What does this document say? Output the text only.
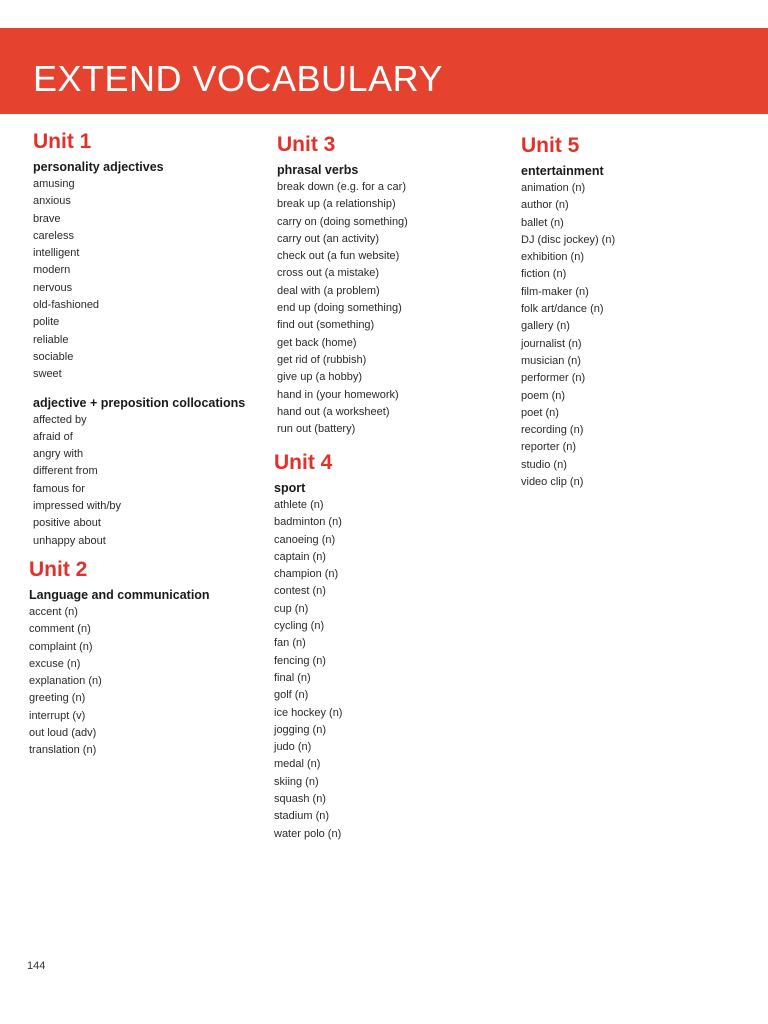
EXTEND VOCABULARY
Unit 1
personality adjectives
amusing
anxious
brave
careless
intelligent
modern
nervous
old-fashioned
polite
reliable
sociable
sweet
adjective + preposition collocations
affected by
afraid of
angry with
different from
famous for
impressed with/by
positive about
unhappy about
Unit 2
Language and communication
accent (n)
comment (n)
complaint (n)
excuse (n)
explanation (n)
greeting (n)
interrupt (v)
out loud (adv)
translation (n)
Unit 3
phrasal verbs
break down (e.g. for a car)
break up (a relationship)
carry on (doing something)
carry out (an activity)
check out (a fun website)
cross out (a mistake)
deal with (a problem)
end up (doing something)
find out (something)
get back (home)
get rid of (rubbish)
give up (a hobby)
hand in (your homework)
hand out (a worksheet)
run out (battery)
Unit 4
sport
athlete (n)
badminton (n)
canoeing (n)
captain (n)
champion (n)
contest (n)
cup (n)
cycling (n)
fan (n)
fencing (n)
final (n)
golf (n)
ice hockey (n)
jogging (n)
judo (n)
medal (n)
skiing (n)
squash (n)
stadium (n)
water polo (n)
Unit 5
entertainment
animation (n)
author (n)
ballet (n)
DJ (disc jockey) (n)
exhibition (n)
fiction (n)
film-maker (n)
folk art/dance (n)
gallery (n)
journalist (n)
musician (n)
performer (n)
poem (n)
poet (n)
recording (n)
reporter (n)
studio (n)
video clip (n)
144
